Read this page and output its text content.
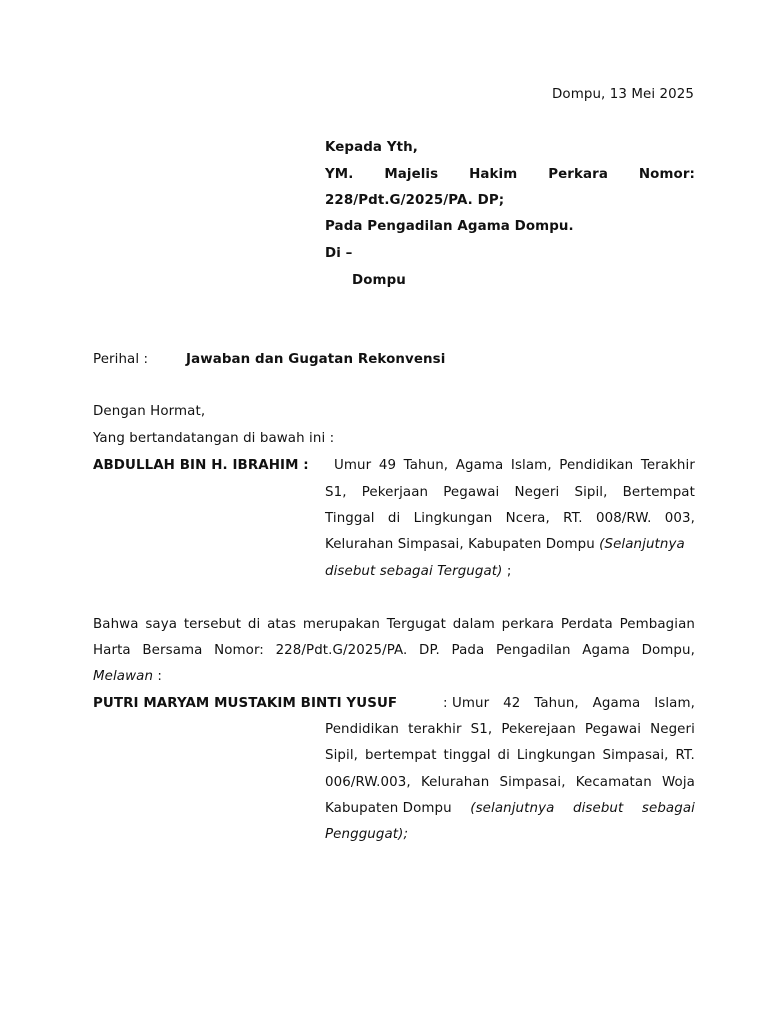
Dompu, 13 Mei 2025
Kepada Yth,
YM. Majelis Hakim Perkara Nomor:
228/Pdt.G/2025/PA. DP;
Pada Pengadilan Agama Dompu.
Di –
Dompu
Perihal :	Jawaban dan Gugatan Rekonvensi
Dengan Hormat,
Yang bertandatangan di bawah ini :
ABDULLAH BIN H. IBRAHIM : Umur 49 Tahun, Agama Islam, Pendidikan Terakhir
S1, Pekerjaan Pegawai Negeri Sipil, Bertempat
Tinggal di Lingkungan Ncera, RT. 008/RW. 003,
Kelurahan Simpasai, Kabupaten Dompu (Selanjutnya
disebut sebagai Tergugat) ;
Bahwa saya tersebut di atas merupakan Tergugat dalam perkara Perdata Pembagian
Harta Bersama Nomor: 228/Pdt.G/2025/PA. DP. Pada Pengadilan Agama Dompu,
Melawan :
PUTRI MARYAM MUSTAKIM BINTI YUSUF	: Umur 42 Tahun, Agama Islam,
Pendidikan terakhir S1, Pekerejaan Pegawai Negeri
Sipil, bertempat tinggal di Lingkungan Simpasai, RT.
006/RW.003, Kelurahan Simpasai, Kecamatan Woja
Kabupaten Dompu (selanjutnya disebut sebagai
Penggugat);
